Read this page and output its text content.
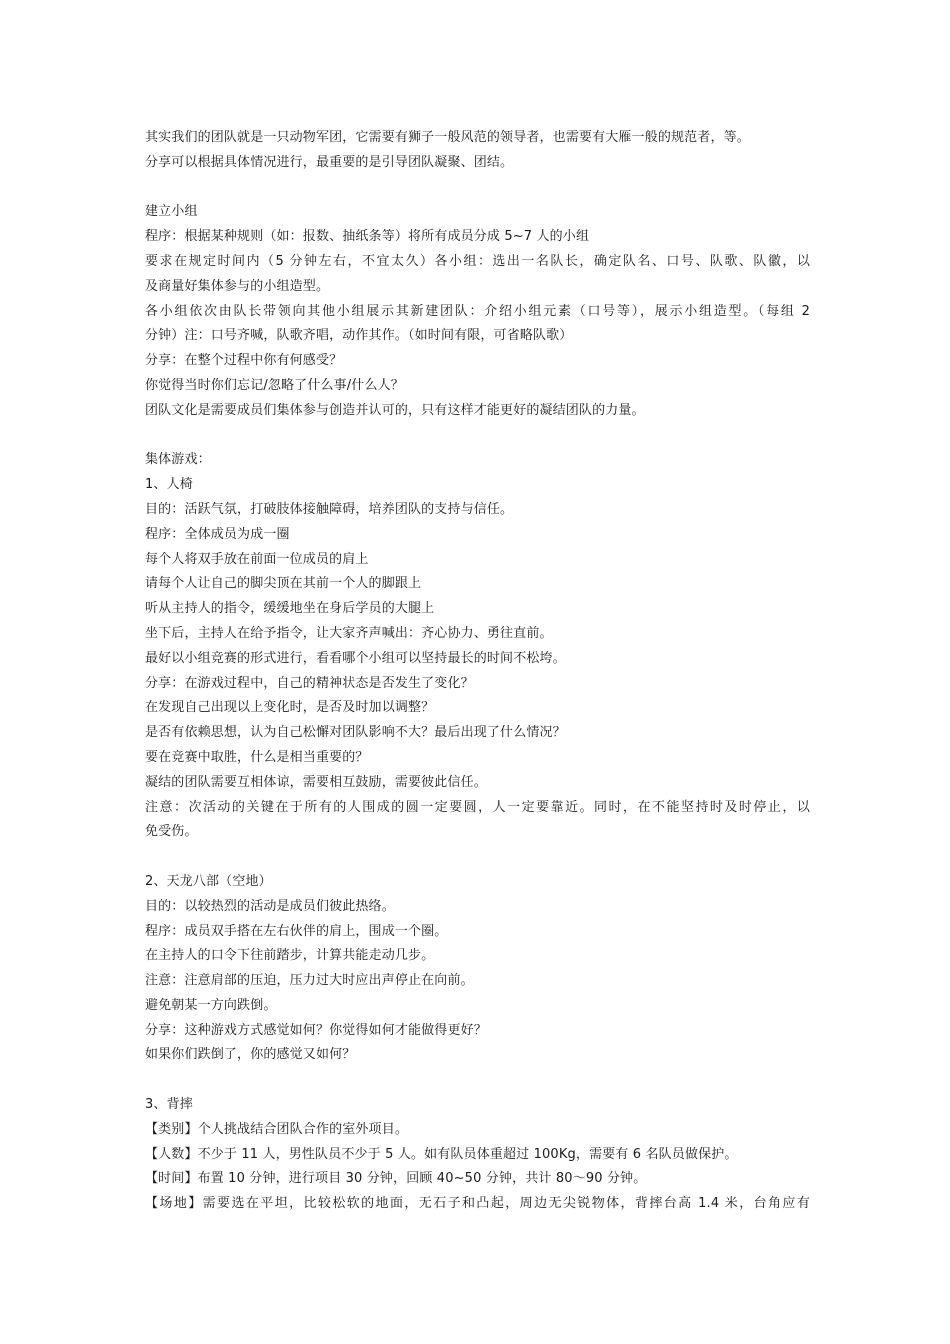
其实我们的团队就是一只动物军团，它需要有狮子一般风范的领导者，也需要有大雁一般的规范者，等。
分享可以根据具体情况进行，最重要的是引导团队凝聚、团结。
建立小组
程序：根据某种规则（如：报数、抽纸条等）将所有成员分成 5~7 人的小组
要求在规定时间内（5 分钟左右，不宜太久）各小组：选出一名队长，确定队名、口号、队歌、队徽，以
及商量好集体参与的小组造型。
各小组依次由队长带领向其他小组展示其新建团队：介绍小组元素（口号等），展示小组造型。（每组 2
分钟）注：口号齐喊，队歌齐唱，动作其作。（如时间有限，可省略队歌）
分享：在整个过程中你有何感受？
你觉得当时你们忘记/忽略了什么事/什么人？
团队文化是需要成员们集体参与创造并认可的，只有这样才能更好的凝结团队的力量。
集体游戏：
1、人椅
目的：活跃气氛，打破肢体接触障碍，培养团队的支持与信任。
程序：全体成员为成一圈
每个人将双手放在前面一位成员的肩上
请每个人让自己的脚尖顶在其前一个人的脚跟上
听从主持人的指令，缓缓地坐在身后学员的大腿上
坐下后，主持人在给予指令，让大家齐声喊出：齐心协力、勇往直前。
最好以小组竞赛的形式进行，看看哪个小组可以坚持最长的时间不松垮。
分享：在游戏过程中，自己的精神状态是否发生了变化？
在发现自己出现以上变化时，是否及时加以调整？
是否有依赖思想，认为自己松懈对团队影响不大？最后出现了什么情况？
要在竞赛中取胜，什么是相当重要的？
凝结的团队需要互相体谅，需要相互鼓励，需要彼此信任。
注意：次活动的关键在于所有的人围成的圆一定要圆，人一定要靠近。同时，在不能坚持时及时停止，以
免受伤。
2、天龙八部（空地）
目的：以较热烈的活动是成员们彼此热络。
程序：成员双手搭在左右伙伴的肩上，围成一个圈。
在主持人的口令下往前踏步，计算共能走动几步。
注意：注意肩部的压迫，压力过大时应出声停止在向前。
避免朝某一方向跌倒。
分享：这种游戏方式感觉如何？你觉得如何才能做得更好？
如果你们跌倒了，你的感觉又如何？
3、背摔
【类别】个人挑战结合团队合作的室外项目。
【人数】不少于 11 人，男性队员不少于 5 人。如有队员体重超过 100Kg，需要有 6 名队员做保护。
【时间】布置 10 分钟，进行项目 30 分钟，回顾 40~50 分钟，共计 80～90 分钟。
【场地】需要选在平坦，比较松软的地面，无石子和凸起，周边无尖锐物体，背摔台高 1.4 米，台角应有
